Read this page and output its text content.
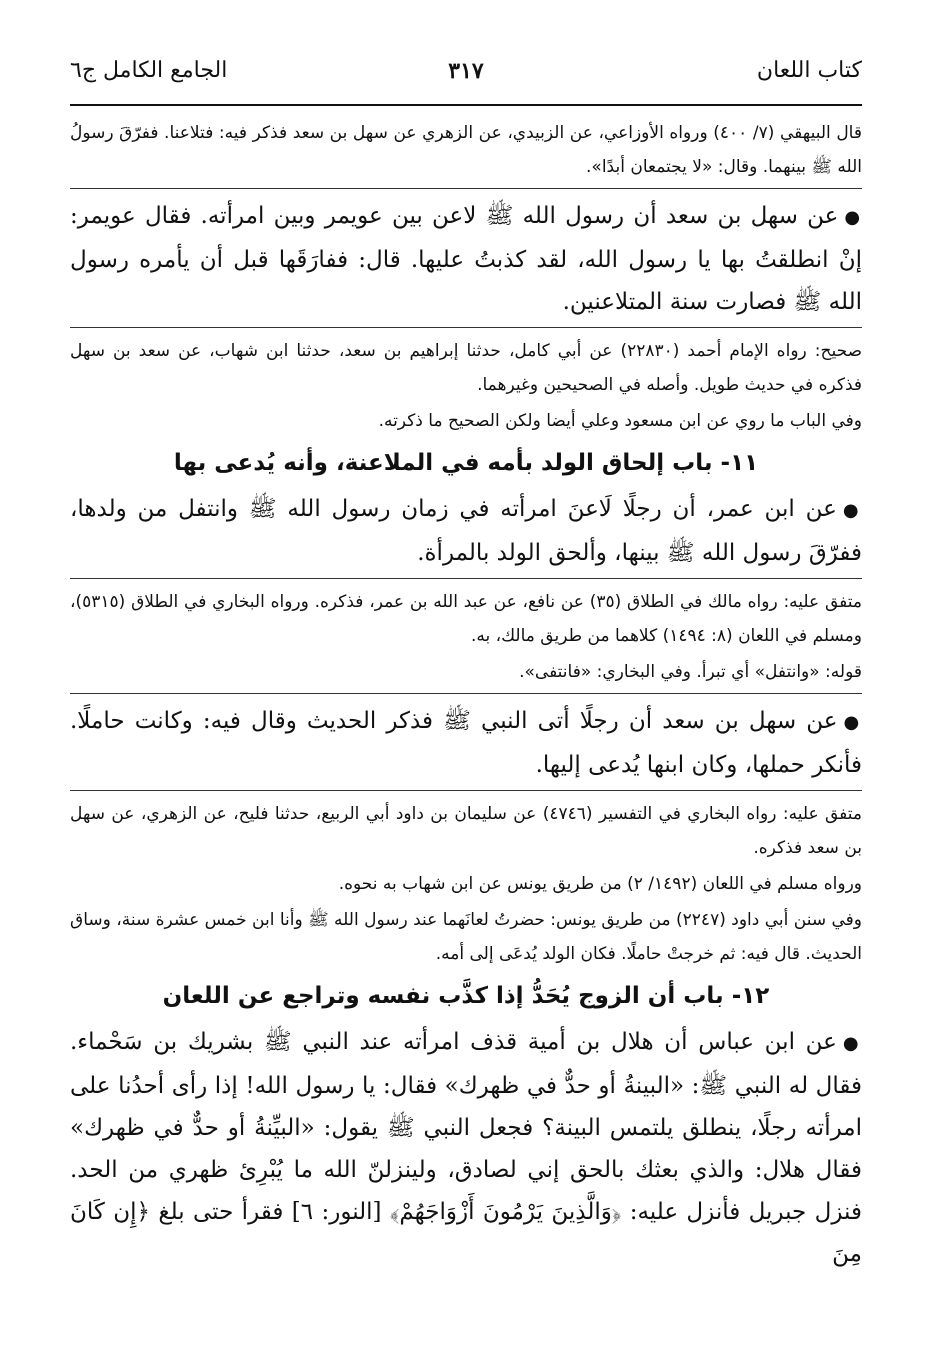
كتاب اللعان
٣١٧
الجامع الكامل ج٦

قال البيهقي (٧/ ٤٠٠) ورواه الأوزاعي، عن الزبيدي، عن الزهري عن سهل بن سعد فذكر فيه: فتلاعنا. ففرّقَ رسولُ الله ﷺ بينهما. وقال: «لا يجتمعان أبدًا».

●عن سهل بن سعد أن رسول الله ﷺ لاعن بين عويمر وبين امرأته. فقال عويمر: إنْ انطلقتُ بها يا رسول الله، لقد كذبتُ عليها. قال: ففارَقَها قبل أن يأمره رسول الله ﷺ فصارت سنة المتلاعنين.

صحيح: رواه الإمام أحمد (٢٢٨٣٠) عن أبي كامل، حدثنا إبراهيم بن سعد، حدثنا ابن شهاب، عن سعد بن سهل فذكره في حديث طويل. وأصله في الصحيحين وغيرهما.

وفي الباب ما روي عن ابن مسعود وعلي أيضا ولكن الصحيح ما ذكرته.

١١- باب إلحاق الولد بأمه في الملاعنة، وأنه يُدعى بها

●عن ابن عمر، أن رجلًا لَاعنَ امرأته في زمان رسول الله ﷺ وانتفل من ولدها، ففرّقَ رسول الله ﷺ بينها، وألحق الولد بالمرأة.

متفق عليه: رواه مالك في الطلاق (٣٥) عن نافع، عن عبد الله بن عمر، فذكره. ورواه البخاري في الطلاق (٥٣١٥)، ومسلم في اللعان (٨: ١٤٩٤) كلاهما من طريق مالك، به.

قوله: «وانتفل» أي تبرأ. وفي البخاري: «فانتفى».

●عن سهل بن سعد أن رجلًا أتى النبي ﷺ فذكر الحديث وقال فيه: وكانت حاملًا. فأنكر حملها، وكان ابنها يُدعى إليها.

متفق عليه: رواه البخاري في التفسير (٤٧٤٦) عن سليمان بن داود أبي الربيع، حدثنا فليح، عن الزهري، عن سهل بن سعد فذكره.

ورواه مسلم في اللعان (١٤٩٢/ ٢) من طريق يونس عن ابن شهاب به نحوه.

وفي سنن أبي داود (٢٢٤٧) من طريق يونس: حضرتُ لعانَهما عند رسول الله ﷺ وأنا ابن خمس عشرة سنة، وساق الحديث. قال فيه: ثم خرجتْ حاملًا. فكان الولد يُدعَى إلى أمه.

١٢- باب أن الزوج يُحَدُّ إذا كذَّب نفسه وتراجع عن اللعان

●عن ابن عباس أن هلال بن أمية قذف امرأته عند النبي ﷺ بشريك بن سَحْماء. فقال له النبي ﷺ: «البينةُ أو حدٌّ في ظهرك» فقال: يا رسول الله! إذا رأى أحدُنا على امرأته رجلًا، ينطلق يلتمس البينة؟ فجعل النبي ﷺ يقول: «البيِّنةُ أو حدٌّ في ظهرك» فقال هلال: والذي بعثك بالحق إني لصادق، ولينزلنّ الله ما يُبْرِئ ظهري من الحد. فنزل جبريل فأنزل عليه: ﴿وَالَّذِينَ يَرْمُونَ أَزْوَاجَهُمْ﴾ [النور: ٦] فقرأ حتى بلغ ﴿إِن كَانَ مِنَ
